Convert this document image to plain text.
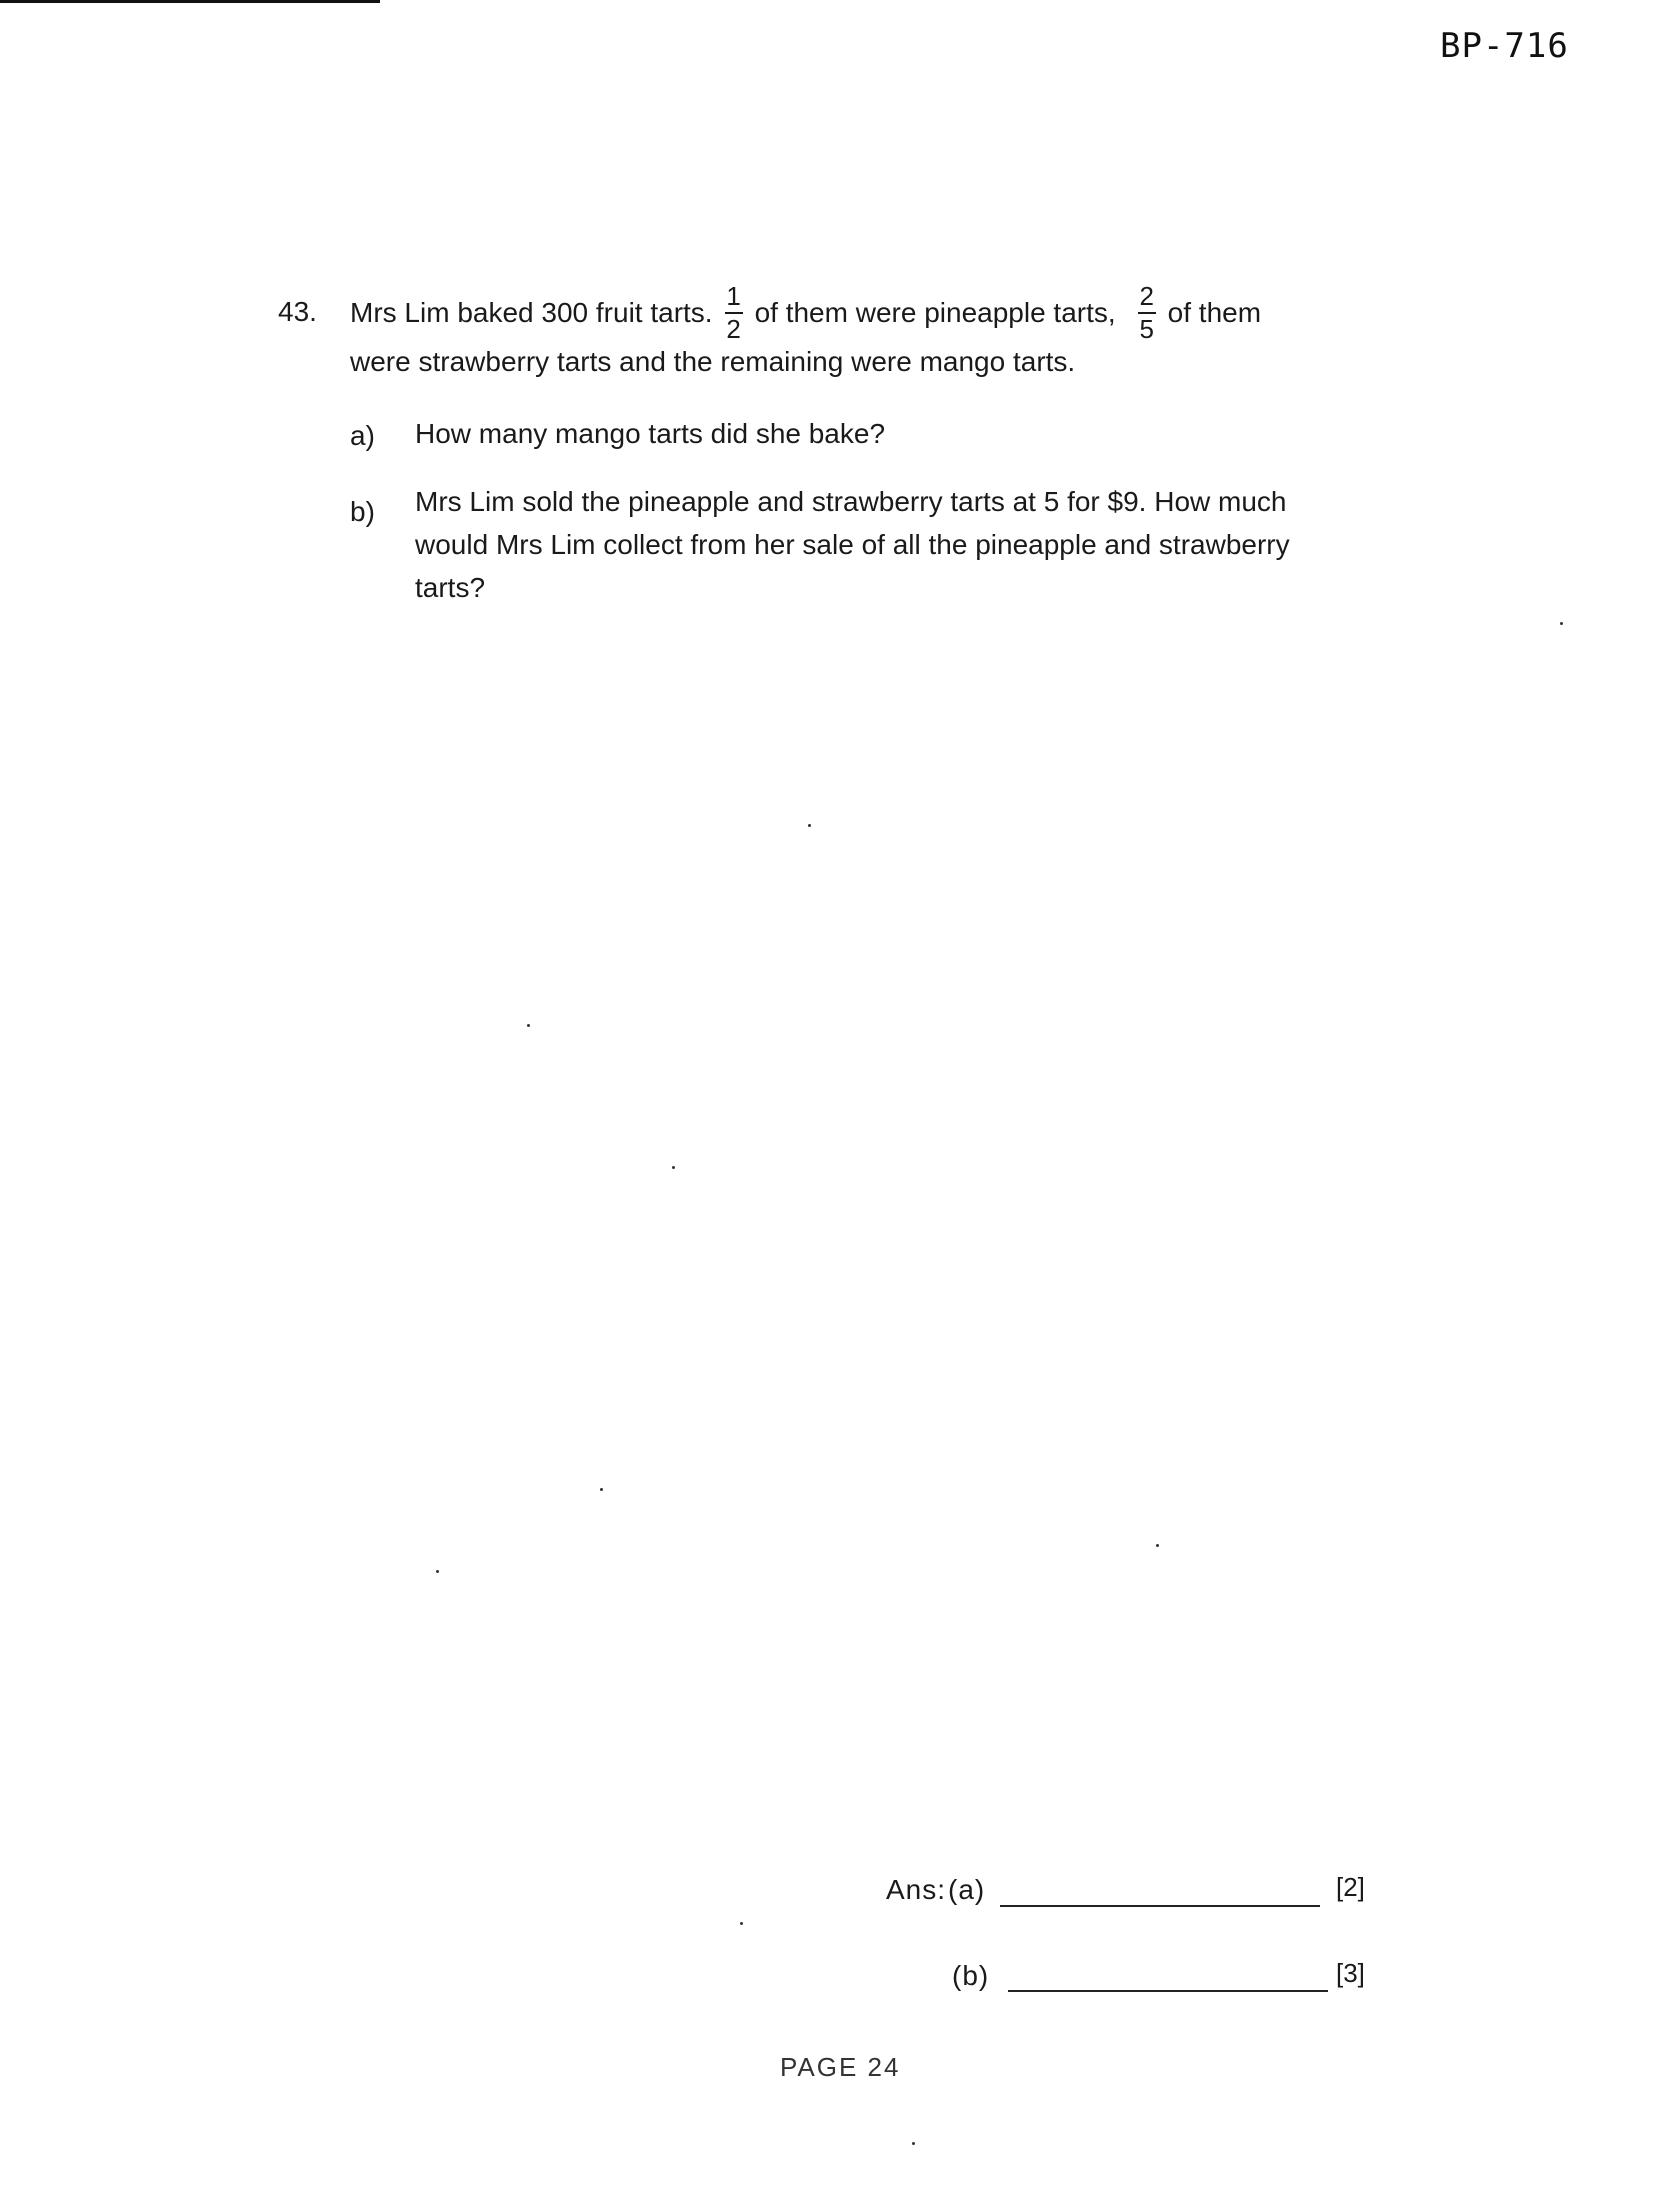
BP-716
43. Mrs Lim baked 300 fruit tarts. $\frac{1}{2}$ of them were pineapple tarts, $\frac{2}{5}$ of them
were strawberry tarts and the remaining were mango tarts.
a) How many mango tarts did she bake?
b) Mrs Lim sold the pineapple and strawberry tarts at 5 for $9. How much would Mrs Lim collect from her sale of all the pineapple and strawberry tarts?
Ans: (a)	[2]
(b)	[3]
PAGE 24
